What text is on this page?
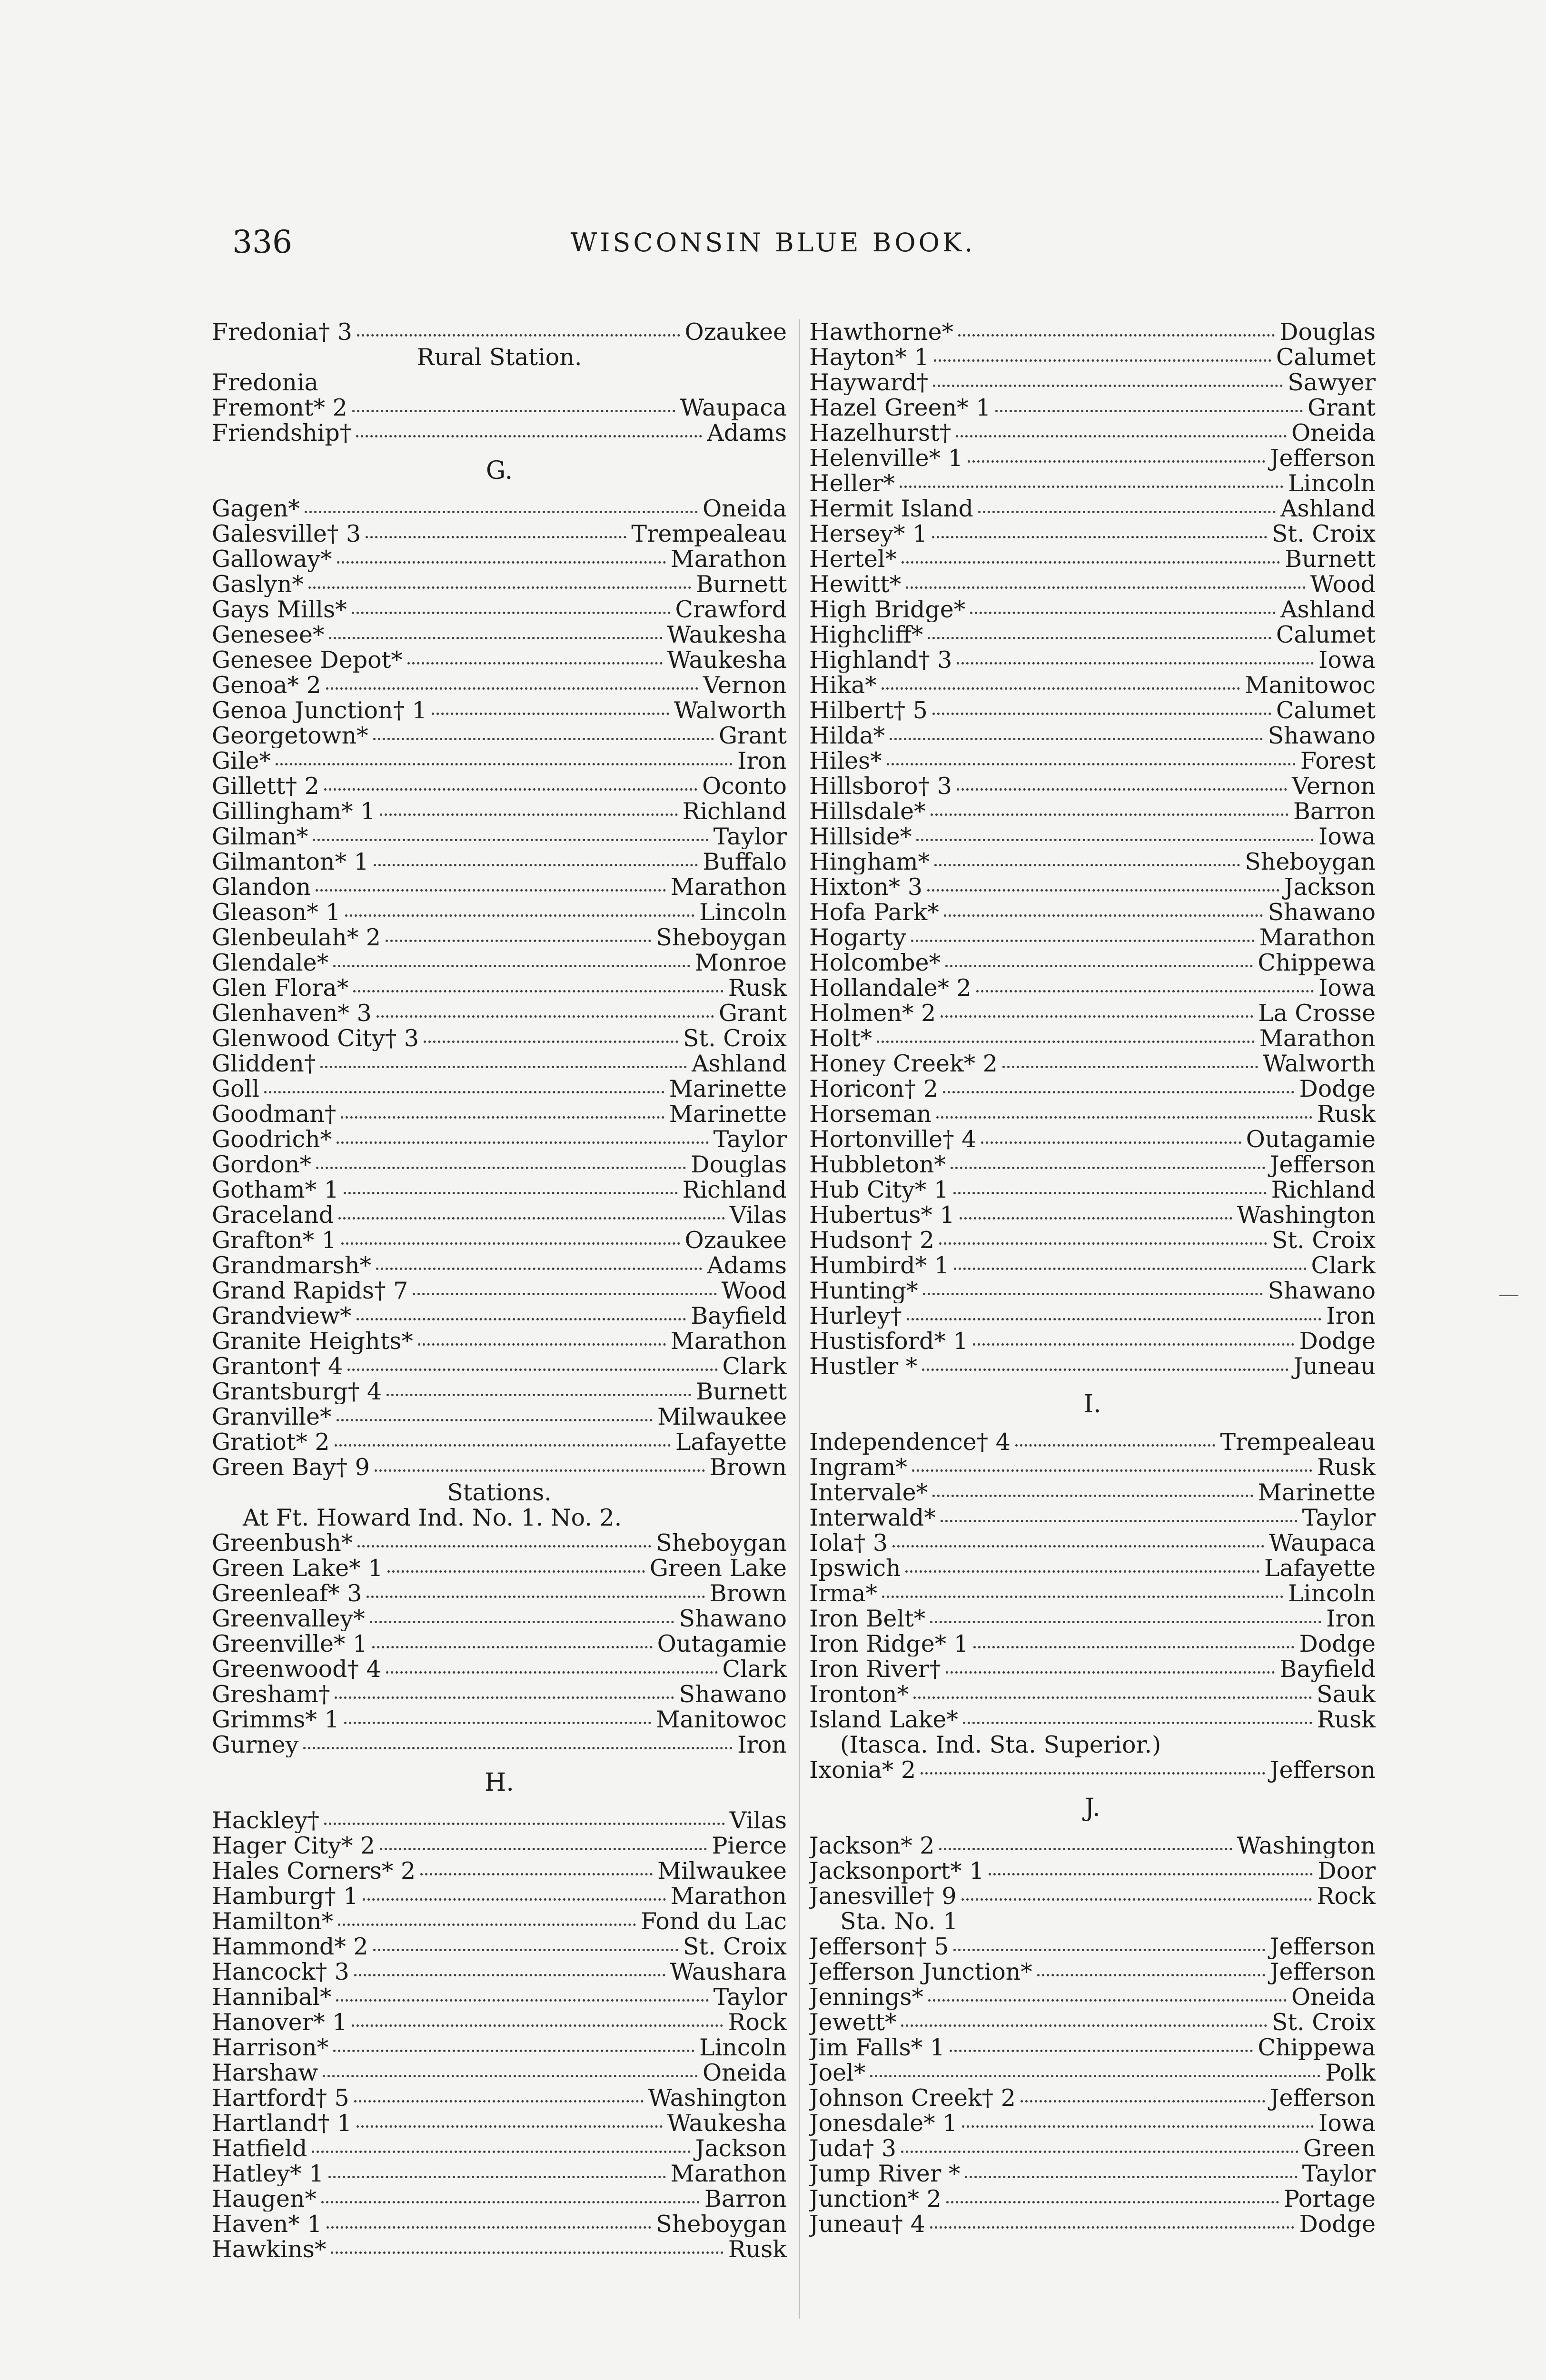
336	WISCONSIN BLUE BOOK.
Fredonia† 3	Ozaukee
Rural Station.
Fredonia
Fremont* 2	Waupaca
Friendship†	Adams
G.
Gagen*	Oneida
Galesville† 3	Trempealeau
Galloway*	Marathon
Gaslyn*	Burnett
Gays Mills*	Crawford
Genesee*	Waukesha
Genesee Depot*	Waukesha
Genoa* 2	Vernon
Genoa Junction† 1	Walworth
Georgetown*	Grant
Gile*	Iron
Gillett† 2	Oconto
Gillingham* 1	Richland
Gilman*	Taylor
Gilmanton* 1	Buffalo
Glandon	Marathon
Gleason* 1	Lincoln
Glenbeulah* 2	Sheboygan
Glendale*	Monroe
Glen Flora*	Rusk
Glenhaven* 3	Grant
Glenwood City† 3	St. Croix
Glidden†	Ashland
Goll	Marinette
Goodman†	Marinette
Goodrich*	Taylor
Gordon*	Douglas
Gotham* 1	Richland
Graceland	Vilas
Grafton* 1	Ozaukee
Grandmarsh*	Adams
Grand Rapids† 7	Wood
Grandview*	Bayfield
Granite Heights*	Marathon
Granton† 4	Clark
Grantsburg† 4	Burnett
Granville*	Milwaukee
Gratiot* 2	Lafayette
Green Bay† 9	Brown
Stations.
At Ft. Howard Ind. No. 1. No. 2.
Greenbush*	Sheboygan
Green Lake* 1	Green Lake
Greenleaf* 3	Brown
Greenvalley*	Shawano
Greenville* 1	Outagamie
Greenwood† 4	Clark
Gresham†	Shawano
Grimms* 1	Manitowoc
Gurney	Iron
H.
Hackley†	Vilas
Hager City* 2	Pierce
Hales Corners* 2	Milwaukee
Hamburg† 1	Marathon
Hamilton*	Fond du Lac
Hammond* 2	St. Croix
Hancock† 3	Waushara
Hannibal*	Taylor
Hanover* 1	Rock
Harrison*	Lincoln
Harshaw	Oneida
Hartford† 5	Washington
Hartland† 1	Waukesha
Hatfield	Jackson
Hatley* 1	Marathon
Haugen*	Barron
Haven* 1	Sheboygan
Hawkins*	Rusk
Hawthorne*	Douglas
Hayton* 1	Calumet
Hayward†	Sawyer
Hazel Green* 1	Grant
Hazelhurst†	Oneida
Helenville* 1	Jefferson
Heller*	Lincoln
Hermit Island	Ashland
Hersey* 1	St. Croix
Hertel*	Burnett
Hewitt*	Wood
High Bridge*	Ashland
Highcliff*	Calumet
Highland† 3	Iowa
Hika*	Manitowoc
Hilbert† 5	Calumet
Hilda*	Shawano
Hiles*	Forest
Hillsboro† 3	Vernon
Hillsdale*	Barron
Hillside*	Iowa
Hingham*	Sheboygan
Hixton* 3	Jackson
Hofa Park*	Shawano
Hogarty	Marathon
Holcombe*	Chippewa
Hollandale* 2	Iowa
Holmen* 2	La Crosse
Holt*	Marathon
Honey Creek* 2	Walworth
Horicon† 2	Dodge
Horseman	Rusk
Hortonville† 4	Outagamie
Hubbleton*	Jefferson
Hub City* 1	Richland
Hubertus* 1	Washington
Hudson† 2	St. Croix
Humbird* 1	Clark
Hunting*	Shawano
Hurley†	Iron
Hustisford* 1	Dodge
Hustler *	Juneau
I.
Independence† 4	Trempealeau
Ingram*	Rusk
Intervale*	Marinette
Interwald*	Taylor
Iola† 3	Waupaca
Ipswich	Lafayette
Irma*	Lincoln
Iron Belt*	Iron
Iron Ridge* 1	Dodge
Iron River†	Bayfield
Ironton*	Sauk
Island Lake*	Rusk
(Itasca. Ind. Sta. Superior.)
Ixonia* 2	Jefferson
J.
Jackson* 2	Washington
Jacksonport* 1	Door
Janesville† 9	Rock
Sta. No. 1
Jefferson† 5	Jefferson
Jefferson Junction*	Jefferson
Jennings*	Oneida
Jewett*	St. Croix
Jim Falls* 1	Chippewa
Joel*	Polk
Johnson Creek† 2	Jefferson
Jonesdale* 1	Iowa
Juda† 3	Green
Jump River *	Taylor
Junction* 2	Portage
Juneau† 4	Dodge
